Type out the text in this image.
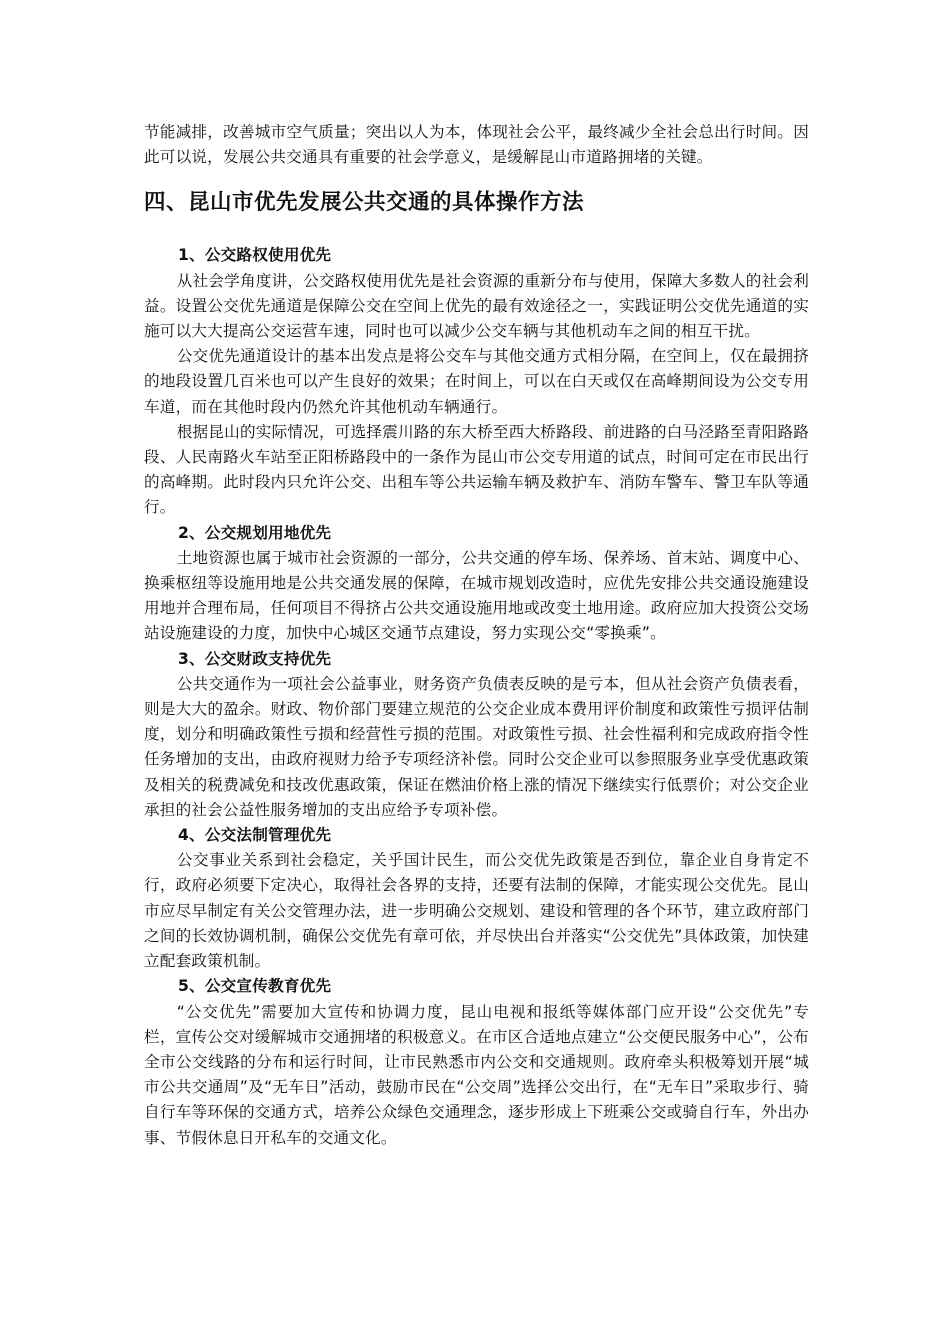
节能减排，改善城市空气质量；突出以人为本，体现社会公平，最终减少全社会总出行时间。因此可以说，发展公共交通具有重要的社会学意义，是缓解昆山市道路拥堵的关键。

四、昆山市优先发展公共交通的具体操作方法
1、公交路权使用优先

从社会学角度讲，公交路权使用优先是社会资源的重新分布与使用，保障大多数人的社会利益。设置公交优先通道是保障公交在空间上优先的最有效途径之一，实践证明公交优先通道的实施可以大大提高公交运营车速，同时也可以减少公交车辆与其他机动车之间的相互干扰。

公交优先通道设计的基本出发点是将公交车与其他交通方式相分隔，在空间上，仅在最拥挤的地段设置几百米也可以产生良好的效果；在时间上，可以在白天或仅在高峰期间设为公交专用车道，而在其他时段内仍然允许其他机动车辆通行。

根据昆山的实际情况，可选择震川路的东大桥至西大桥路段、前进路的白马泾路至青阳路路段、人民南路火车站至正阳桥路段中的一条作为昆山市公交专用道的试点，时间可定在市民出行的高峰期。此时段内只允许公交、出租车等公共运输车辆及救护车、消防车警车、警卫车队等通行。

2、公交规划用地优先

土地资源也属于城市社会资源的一部分，公共交通的停车场、保养场、首末站、调度中心、换乘枢纽等设施用地是公共交通发展的保障，在城市规划改造时，应优先安排公共交通设施建设用地并合理布局，任何项目不得挤占公共交通设施用地或改变土地用途。政府应加大投资公交场站设施建设的力度，加快中心城区交通节点建设，努力实现公交“零换乘”。

3、公交财政支持优先

公共交通作为一项社会公益事业，财务资产负债表反映的是亏本，但从社会资产负债表看，则是大大的盈余。财政、物价部门要建立规范的公交企业成本费用评价制度和政策性亏损评估制度，划分和明确政策性亏损和经营性亏损的范围。对政策性亏损、社会性福利和完成政府指令性任务增加的支出，由政府视财力给予专项经济补偿。同时公交企业可以参照服务业享受优惠政策及相关的税费减免和技改优惠政策，保证在燃油价格上涨的情况下继续实行低票价；对公交企业承担的社会公益性服务增加的支出应给予专项补偿。

4、公交法制管理优先

公交事业关系到社会稳定，关乎国计民生，而公交优先政策是否到位，靠企业自身肯定不行，政府必须要下定决心，取得社会各界的支持，还要有法制的保障，才能实现公交优先。昆山市应尽早制定有关公交管理办法，进一步明确公交规划、建设和管理的各个环节，建立政府部门之间的长效协调机制，确保公交优先有章可依，并尽快出台并落实“公交优先”具体政策，加快建立配套政策机制。

5、公交宣传教育优先

“公交优先”需要加大宣传和协调力度，昆山电视和报纸等媒体部门应开设“公交优先”专栏，宣传公交对缓解城市交通拥堵的积极意义。在市区合适地点建立“公交便民服务中心”，公布全市公交线路的分布和运行时间，让市民熟悉市内公交和交通规则。政府牵头积极筹划开展“城市公共交通周”及“无车日”活动，鼓励市民在“公交周”选择公交出行，在“无车日”采取步行、骑自行车等环保的交通方式，培养公众绿色交通理念，逐步形成上下班乘公交或骑自行车，外出办事、节假休息日开私车的交通文化。
